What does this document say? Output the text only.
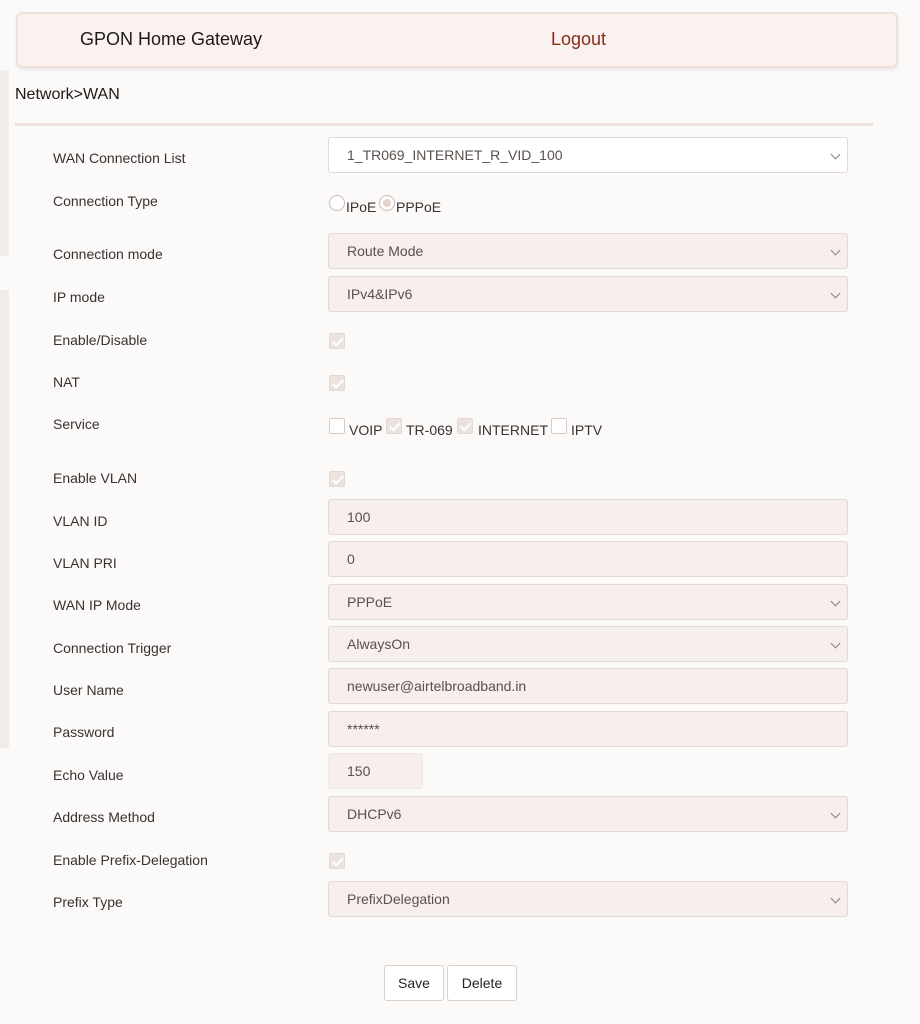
GPON Home Gateway	Logout
Network>WAN
WAN Connection List	1_TR069_INTERNET_R_VID_100
Connection Type	IPoE PPPoE
Connection mode	Route Mode
IP mode	IPv4&IPv6
Enable/Disable
NAT
Service	VOIP TR-069 INTERNET IPTV
Enable VLAN
VLAN ID	100
VLAN PRI	0
WAN IP Mode	PPPoE
Connection Trigger	AlwaysOn
User Name	newuser@airtelbroadband.in
Password	******
Echo Value	150
Address Method	DHCPv6
Enable Prefix-Delegation
Prefix Type	PrefixDelegation
Save	Delete
